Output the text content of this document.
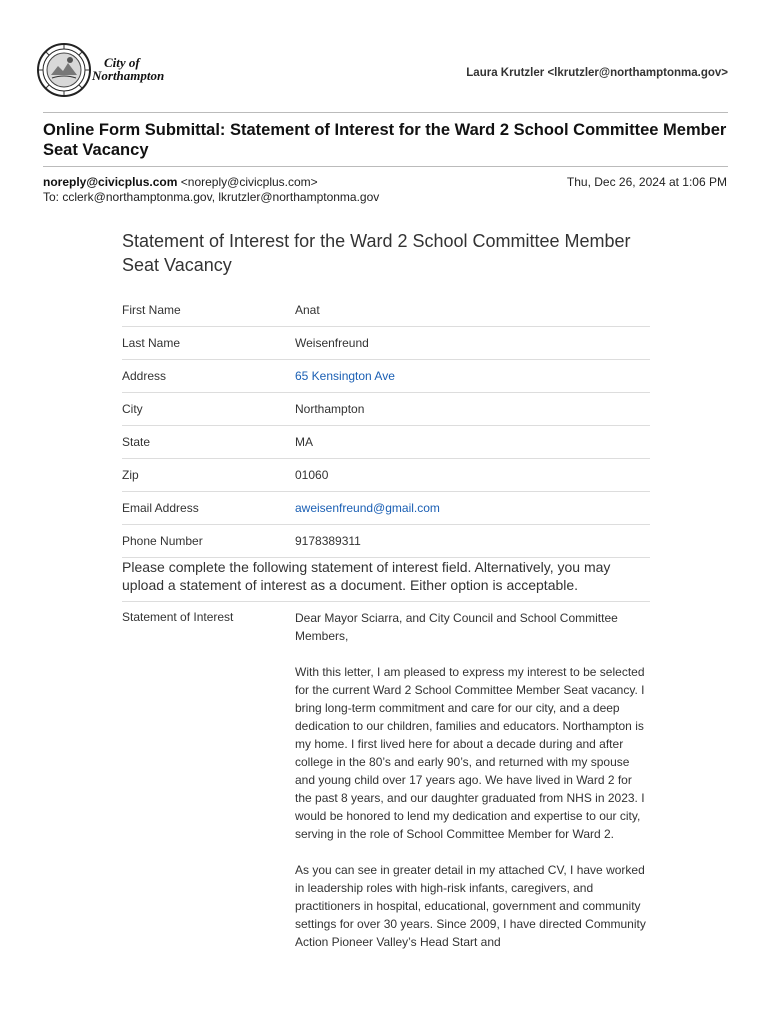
City of
Northampton	Laura Krutzler <lkrutzler@northamptonma.gov>
Online Form Submittal: Statement of Interest for the Ward 2 School Committee Member Seat Vacancy
noreply@civicplus.com <noreply@civicplus.com>
To: cclerk@northamptonma.gov, lkrutzler@northamptonma.gov
Thu, Dec 26, 2024 at 1:06 PM
Statement of Interest for the Ward 2 School Committee Member Seat Vacancy
First Name	Anat
Last Name	Weisenfreund
Address	65 Kensington Ave
City	Northampton
State	MA
Zip	01060
Email Address	aweisenfreund@gmail.com
Phone Number	9178389311
Please complete the following statement of interest field. Alternatively, you may upload a statement of interest as a document. Either option is acceptable.
Statement of Interest	Dear Mayor Sciarra, and City Council and School Committee Members,

With this letter, I am pleased to express my interest to be selected for the current Ward 2 School Committee Member Seat vacancy. I bring long-term commitment and care for our city, and a deep dedication to our children, families and educators. Northampton is my home. I first lived here for about a decade during and after college in the 80’s and early 90’s, and returned with my spouse and young child over 17 years ago. We have lived in Ward 2 for the past 8 years, and our daughter graduated from NHS in 2023. I would be honored to lend my dedication and expertise to our city, serving in the role of School Committee Member for Ward 2.

As you can see in greater detail in my attached CV, I have worked in leadership roles with high-risk infants, caregivers, and practitioners in hospital, educational, government and community settings for over 30 years. Since 2009, I have directed Community Action Pioneer Valley’s Head Start and
